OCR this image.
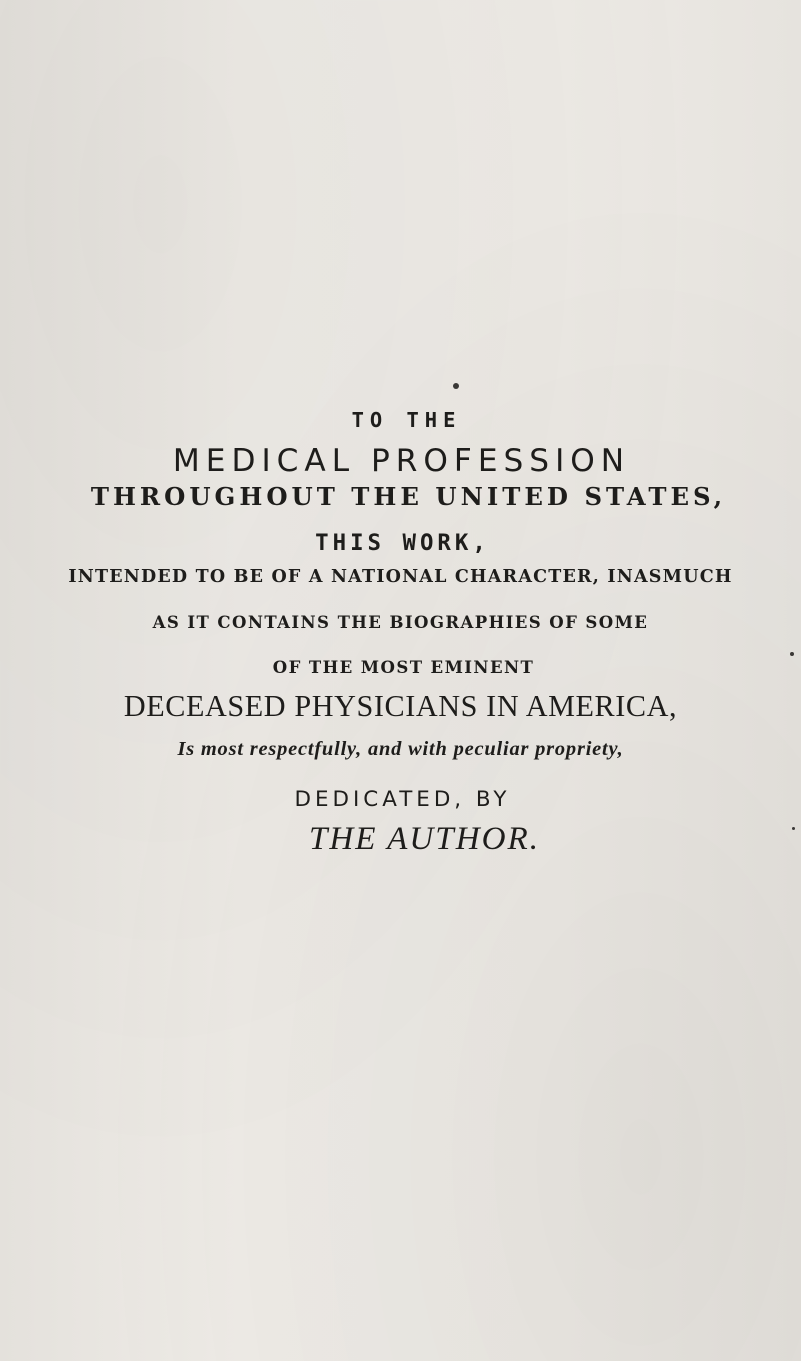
TO THE
MEDICAL PROFESSION
THROUGHOUT THE UNITED STATES,

THIS WORK,

INTENDED TO BE OF A NATIONAL CHARACTER, INASMUCH

AS IT CONTAINS THE BIOGRAPHIES OF SOME

OF THE MOST EMINENT

DECEASED PHYSICIANS IN AMERICA,

Is most respectfully, and with peculiar propriety,

DEDICATED, BY

THE AUTHOR.
